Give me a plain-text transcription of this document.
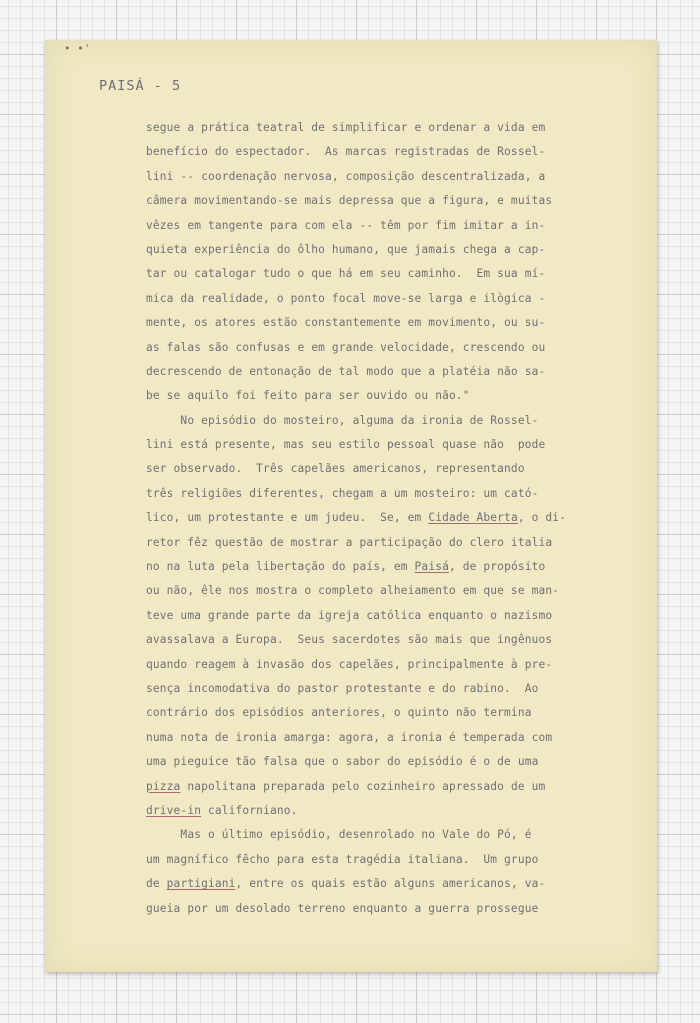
• •'
PAISÁ - 5
segue a prática teatral de simplificar e ordenar a vida em
benefício do espectador.  As marcas registradas de Rossel-
lini -- coordenação nervosa, composição descentralizada, a
câmera movimentando-se mais depressa que a figura, e muitas
vêzes em tangente para com ela -- têm por fim imitar a in-
quieta experiência do ôlho humano, que jamais chega a cap-
tar ou catalogar tudo o que há em seu caminho.  Em sua mí-
mica da realidade, o ponto focal move-se larga e ilògica -
mente, os atores estão constantemente em movimento, ou su-
as falas são confusas e em grande velocidade, crescendo ou
decrescendo de entonação de tal modo que a platéia não sa-
be se aquilo foi feito para ser ouvido ou não."
No episódio do mosteiro, alguma da ironia de Rossel-
lini está presente, mas seu estilo pessoal quase não  pode
ser observado.  Três capelães americanos, representando
três religiões diferentes, chegam a um mosteiro: um cató-
lico, um protestante e um judeu.  Se, em Cidade Aberta, o di-
retor fêz questão de mostrar a participação do clero italia
no na luta pela libertação do país, em Paisá, de propósito
ou não, êle nos mostra o completo alheiamento em que se man-
teve uma grande parte da igreja católica enquanto o nazismo
avassalava a Europa.  Seus sacerdotes são mais que ingênuos
quando reagem à invasão dos capelães, principalmente à pre-
sença incomodativa do pastor protestante e do rabino.  Ao
contrário dos episódios anteriores, o quinto não termina
numa nota de ironia amarga: agora, a ironia é temperada com
uma pieguice tão falsa que o sabor do episódio é o de uma
pizza napolitana preparada pelo cozinheiro apressado de um
drive-in californiano.
Mas o último episódio, desenrolado no Vale do Pó, é
um magnífico fêcho para esta tragédia italiana.  Um grupo
de partigiani, entre os quais estão alguns americanos, va-
gueia por um desolado terreno enquanto a guerra prossegue
